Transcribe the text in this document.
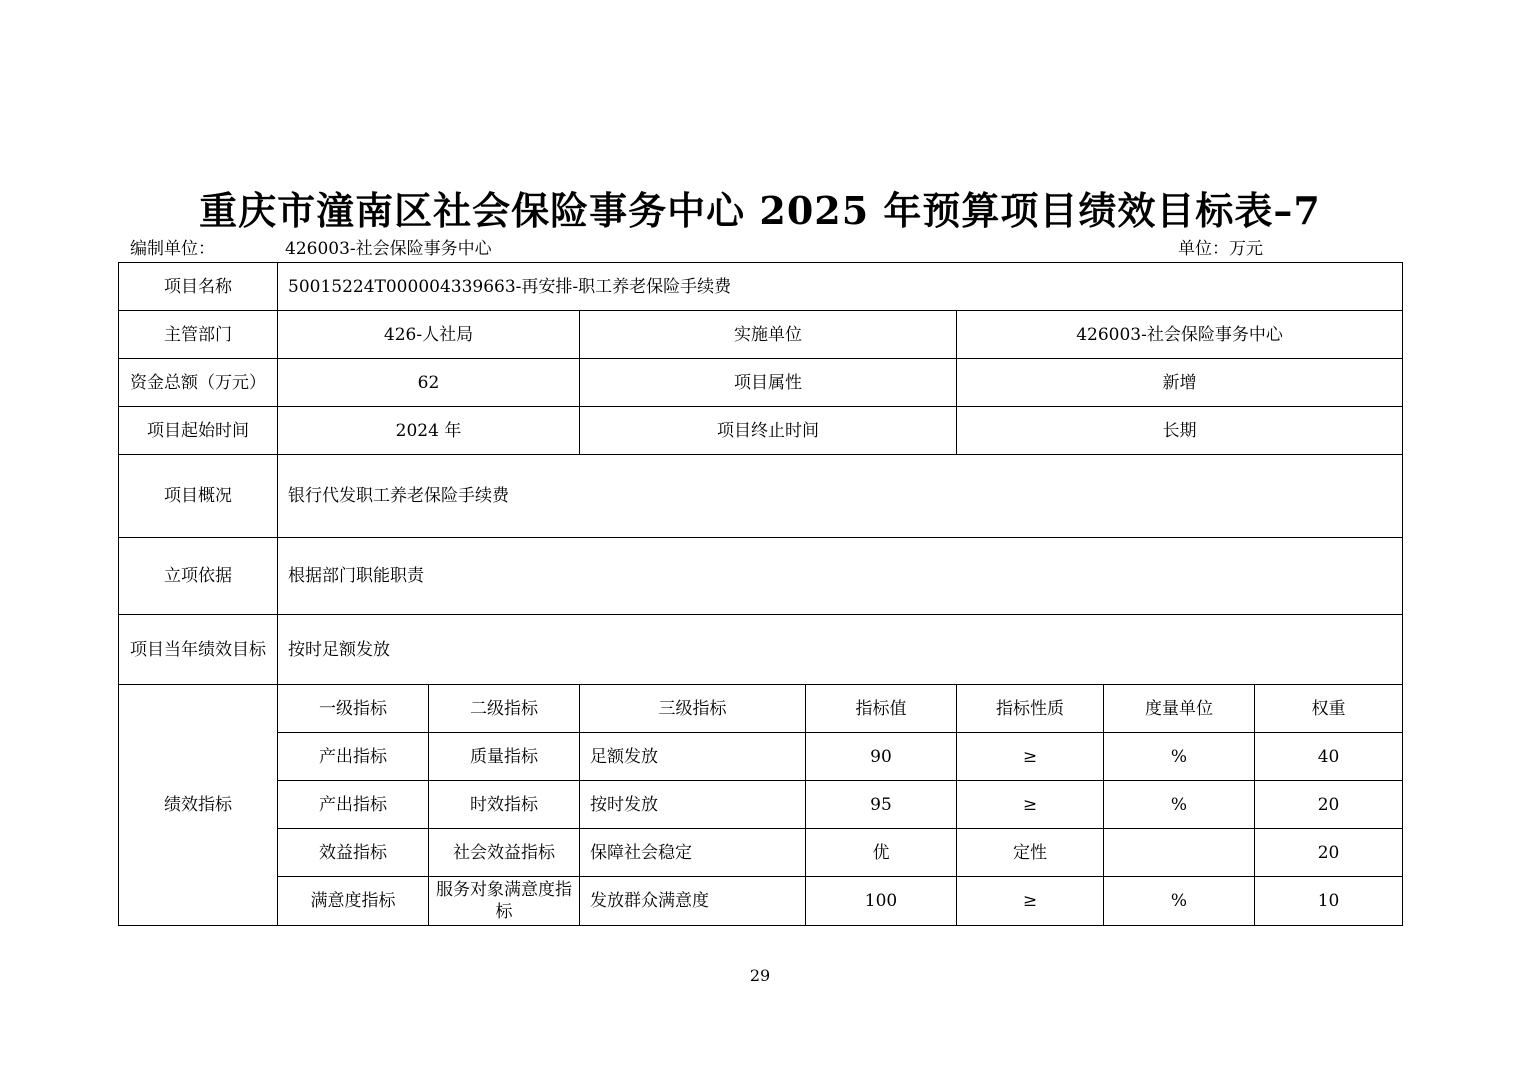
重庆市潼南区社会保险事务中心 2025 年预算项目绩效目标表–7
编制单位：	426003-社会保险事务中心	单位：万元
项目名称	50015224T000004339663-再安排-职工养老保险手续费						
主管部门	426-人社局		实施单位		426003-社会保险事务中心		
资金总额（万元）	62		项目属性		新增		
项目起始时间	2024 年		项目终止时间		长期		
项目概况	银行代发职工养老保险手续费						
立项依据	根据部门职能职责						
项目当年绩效目标	按时足额发放						
绩效指标	一级指标	二级指标	三级指标	指标值	指标性质	度量单位	权重
	产出指标	质量指标	足额发放	90	≥	%	40
	产出指标	时效指标	按时发放	95	≥	%	20
	效益指标	社会效益指标	保障社会稳定	优	定性		20
	满意度指标	服务对象满意度指标	发放群众满意度	100	≥	%	10
29
